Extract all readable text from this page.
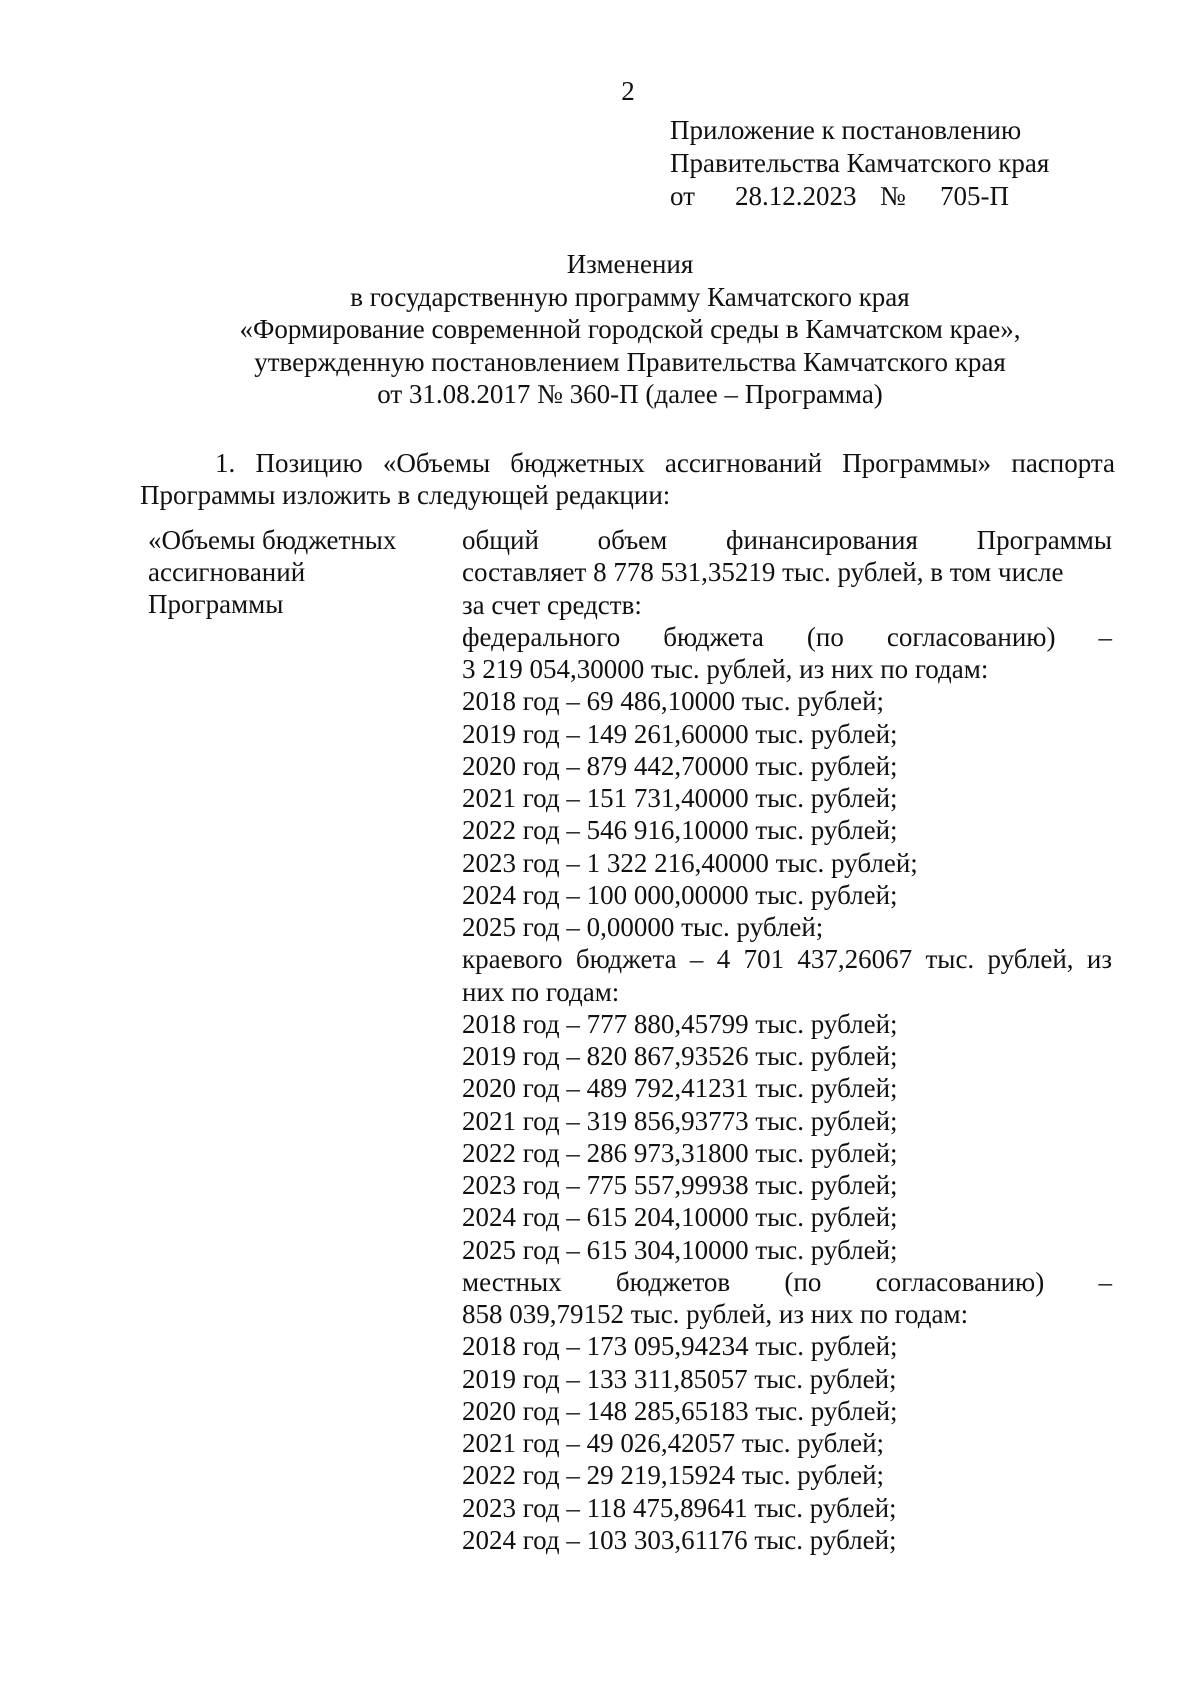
2
Приложение к постановлению
Правительства Камчатского края
от	28.12.2023 №	705-П
Изменения
в государственную программу Камчатского края
«Формирование современной городской среды в Камчатском крае»,
утвержденную постановлением Правительства Камчатского края
от 31.08.2017 № 360-П (далее – Программа)
1. Позицию «Объемы бюджетных ассигнований Программы» паспорта
Программы изложить в следующей редакции:
«Объемы бюджетных
ассигнований
Программы
общий объем финансирования Программы
составляет 8 778 531,35219 тыс. рублей, в том числе
за счет средств:
федерального бюджета (по согласованию) –
3 219 054,30000 тыс. рублей, из них по годам:
2018 год – 69 486,10000 тыс. рублей;
2019 год – 149 261,60000 тыс. рублей;
2020 год – 879 442,70000 тыс. рублей;
2021 год – 151 731,40000 тыс. рублей;
2022 год – 546 916,10000 тыс. рублей;
2023 год – 1 322 216,40000 тыс. рублей;
2024 год – 100 000,00000 тыс. рублей;
2025 год – 0,00000 тыс. рублей;
краевого бюджета – 4 701 437,26067 тыс. рублей, из
них по годам:
2018 год – 777 880,45799 тыс. рублей;
2019 год – 820 867,93526 тыс. рублей;
2020 год – 489 792,41231 тыс. рублей;
2021 год – 319 856,93773 тыс. рублей;
2022 год – 286 973,31800 тыс. рублей;
2023 год – 775 557,99938 тыс. рублей;
2024 год – 615 204,10000 тыс. рублей;
2025 год – 615 304,10000 тыс. рублей;
местных бюджетов (по согласованию) –
858 039,79152 тыс. рублей, из них по годам:
2018 год – 173 095,94234 тыс. рублей;
2019 год – 133 311,85057 тыс. рублей;
2020 год – 148 285,65183 тыс. рублей;
2021 год – 49 026,42057 тыс. рублей;
2022 год – 29 219,15924 тыс. рублей;
2023 год – 118 475,89641 тыс. рублей;
2024 год – 103 303,61176 тыс. рублей;
